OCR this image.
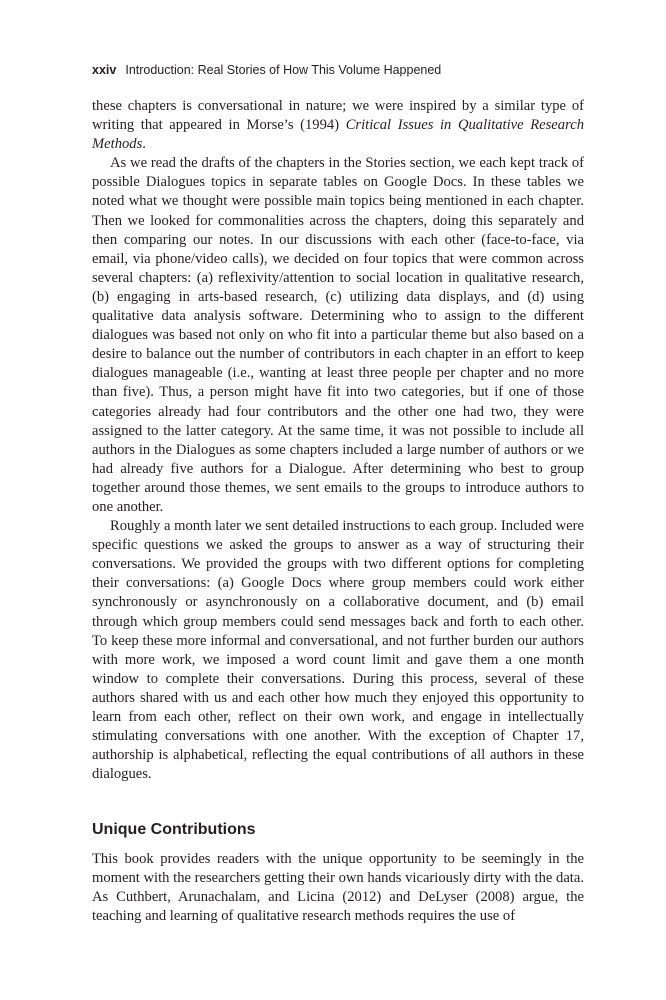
xxiv Introduction: Real Stories of How This Volume Happened

these chapters is conversational in nature; we were inspired by a similar type of writing that appeared in Morse’s (1994) Critical Issues in Qualitative Research Methods.

As we read the drafts of the chapters in the Stories section, we each kept track of possible Dialogues topics in separate tables on Google Docs. In these tables we noted what we thought were possible main topics being mentioned in each chapter. Then we looked for commonalities across the chapters, doing this separately and then comparing our notes. In our discussions with each other (face-to-face, via email, via phone/video calls), we decided on four topics that were common across several chapters: (a) reflexivity/attention to social location in qualitative research, (b) engaging in arts-based research, (c) utilizing data displays, and (d) using qualitative data analysis software. Determining who to assign to the different dialogues was based not only on who fit into a particular theme but also based on a desire to balance out the number of contributors in each chapter in an effort to keep dialogues manageable (i.e., wanting at least three people per chapter and no more than five). Thus, a person might have fit into two categories, but if one of those categories already had four contributors and the other one had two, they were assigned to the latter category. At the same time, it was not possible to include all authors in the Dialogues as some chapters included a large number of authors or we had already five authors for a Dialogue. After determining who best to group together around those themes, we sent emails to the groups to introduce authors to one another.

Roughly a month later we sent detailed instructions to each group. Included were specific questions we asked the groups to answer as a way of structuring their conversations. We provided the groups with two different options for completing their conversations: (a) Google Docs where group members could work either synchronously or asynchronously on a collaborative document, and (b) email through which group members could send messages back and forth to each other. To keep these more informal and conversational, and not further burden our authors with more work, we imposed a word count limit and gave them a one month window to complete their conversations. During this process, several of these authors shared with us and each other how much they enjoyed this opportunity to learn from each other, reflect on their own work, and engage in intellectually stimulating conversations with one another. With the exception of Chapter 17, authorship is alphabetical, reflecting the equal contributions of all authors in these dialogues.

Unique Contributions

This book provides readers with the unique opportunity to be seemingly in the moment with the researchers getting their own hands vicariously dirty with the data. As Cuthbert, Arunachalam, and Licina (2012) and DeLyser (2008) argue, the teaching and learning of qualitative research methods requires the use of
